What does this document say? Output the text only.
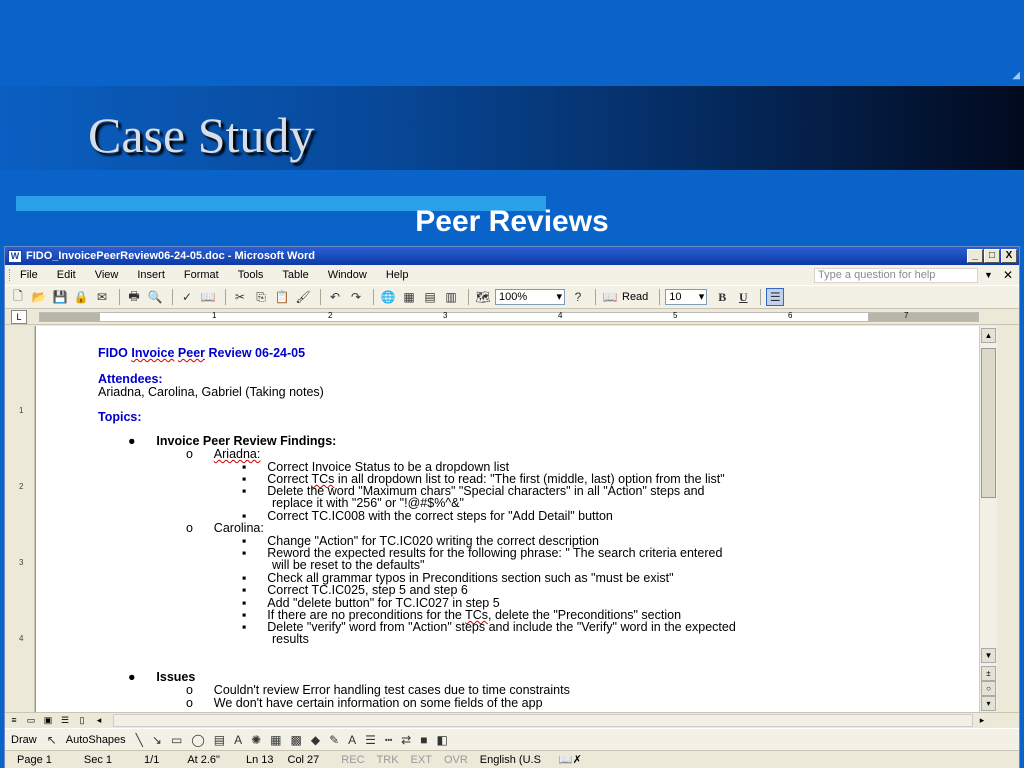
◢
Case Study
Peer Reviews
W FIDO_InvoicePeerReview06-24-05.doc - Microsoft Word	_	□	X
File Edit View Insert Format Tools Table Window Help	Type a question for help	▼ ✕
🗋 📂 💾 🔒 ✉	🖶 🔍	✓ 📖	✂ ⎘ 📋 🖌	↶ ↷	🌐 ▦ ▤ ▥ 🗺 100%	▾	?	📖 Read 10 ▾	B	U	☰
L	1	2	3	4	5	6	7
1
2
3
4
FIDO Invoice Peer Review 06-24-05
Attendees:
Ariadna, Carolina, Gabriel (Taking notes)
Topics:
●      Invoice Peer Review Findings:
o      Ariadna:
▪      Correct Invoice Status to be a dropdown list
▪      Correct TCs in all dropdown list to read: "The first (middle, last) option from the list"
▪      Delete the word "Maximum chars" "Special characters" in all "Action" steps and
replace it with "256" or "!@#$%^&"
▪      Correct TC.IC008 with the correct steps for "Add Detail" button
o      Carolina:
▪      Change "Action" for TC.IC020 writing the correct description
▪      Reword the expected results for the following phrase: " The search criteria entered
will be reset to the defaults"
▪      Check all grammar typos in Preconditions section such as "must be exist"
▪      Correct TC.IC025, step 5 and step 6
▪      Add "delete button" for TC.IC027 in step 5
▪      If there are no preconditions for the TCs, delete the "Preconditions" section
▪      Delete "verify" word from "Action" steps and include the "Verify" word in the expected
results
●      Issues
o      Couldn't review Error handling test cases due to time constraints
o      We don't have certain information on some fields of the app
▲
▼
±
○
▾
≡	▭ ▣ ☰	▯	◂	▸
Draw ↖ AutoShapes ╲ ↘ ▭ ◯ ▤ A ✺ ▦ ▩ ◆ ✎ A ☰ ┅ ⇄ ■ ◧
Page 1	Sec 1	1/1	At 2.6" Ln 13 Col 27 REC TRK EXT OVR English (U.S 📖✗
